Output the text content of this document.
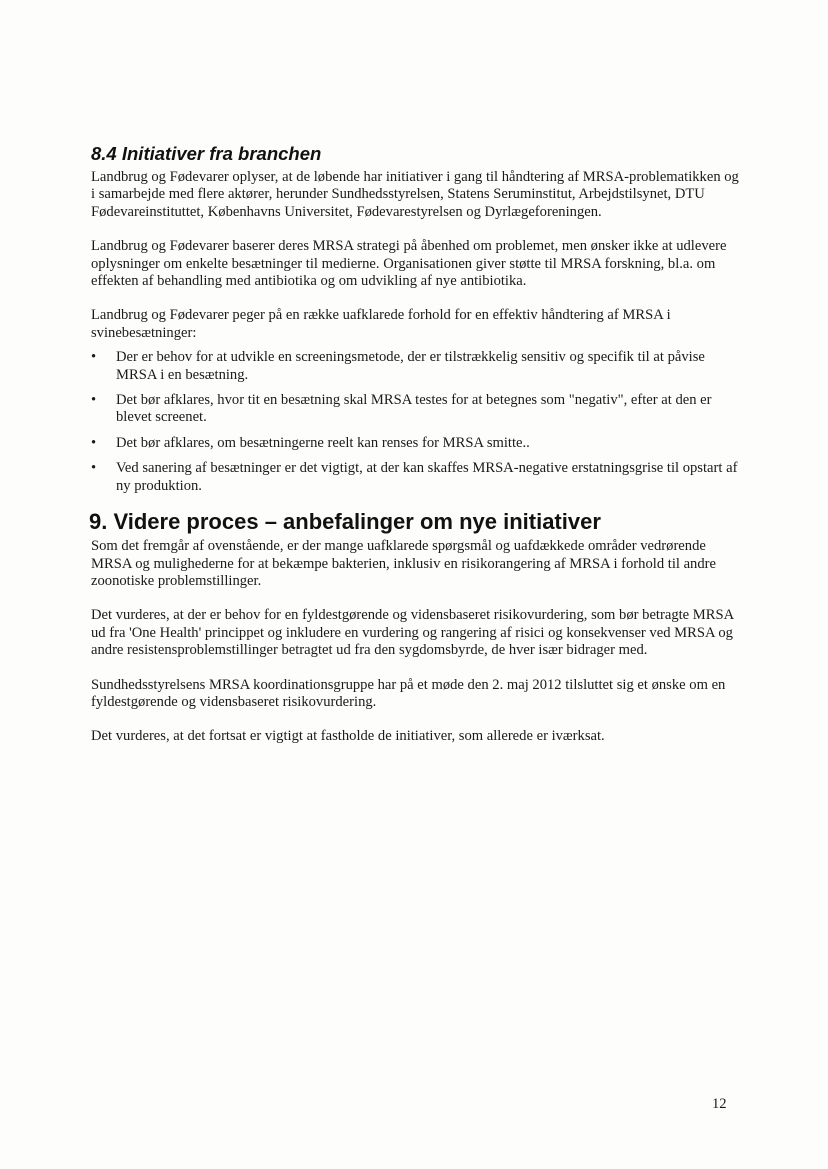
8.4 Initiativer fra branchen

Landbrug og Fødevarer oplyser, at de løbende har initiativer i gang til håndtering af MRSA-problematikken og i samarbejde med flere aktører, herunder Sundhedsstyrelsen, Statens Seruminstitut, Arbejdstilsynet, DTU Fødevareinstituttet, Københavns Universitet, Fødevarestyrelsen og Dyrlægeforeningen.

Landbrug og Fødevarer baserer deres MRSA strategi på åbenhed om problemet, men ønsker ikke at udlevere oplysninger om enkelte besætninger til medierne. Organisationen giver støtte til MRSA forskning, bl.a. om effekten af behandling med antibiotika og om udvikling af nye antibiotika.

Landbrug og Fødevarer peger på en række uafklarede forhold for en effektiv håndtering af MRSA i svinebesætninger:

• Der er behov for at udvikle en screeningsmetode, der er tilstrækkelig sensitiv og specifik til at påvise MRSA i en besætning.
• Det bør afklares, hvor tit en besætning skal MRSA testes for at betegnes som "negativ", efter at den er blevet screenet.
• Det bør afklares, om besætningerne reelt kan renses for MRSA smitte..
• Ved sanering af besætninger er det vigtigt, at der kan skaffes MRSA-negative erstatningsgrise til opstart af ny produktion.
9. Videre proces – anbefalinger om nye initiativer

Som det fremgår af ovenstående, er der mange uafklarede spørgsmål og uafdækkede områder vedrørende MRSA og mulighederne for at bekæmpe bakterien, inklusiv en risikorangering af MRSA i forhold til andre zoonotiske problemstillinger.

Det vurderes, at der er behov for en fyldestgørende og vidensbaseret risikovurdering, som bør betragte MRSA ud fra 'One Health' princippet og inkludere en vurdering og rangering af risici og konsekvenser ved MRSA og andre resistensproblemstillinger betragtet ud fra den sygdomsbyrde, de hver især bidrager med.

Sundhedsstyrelsens MRSA koordinationsgruppe har på et møde den 2. maj 2012 tilsluttet sig et ønske om en fyldestgørende og vidensbaseret risikovurdering.

Det vurderes, at det fortsat er vigtigt at fastholde de initiativer, som allerede er iværksat.

12
